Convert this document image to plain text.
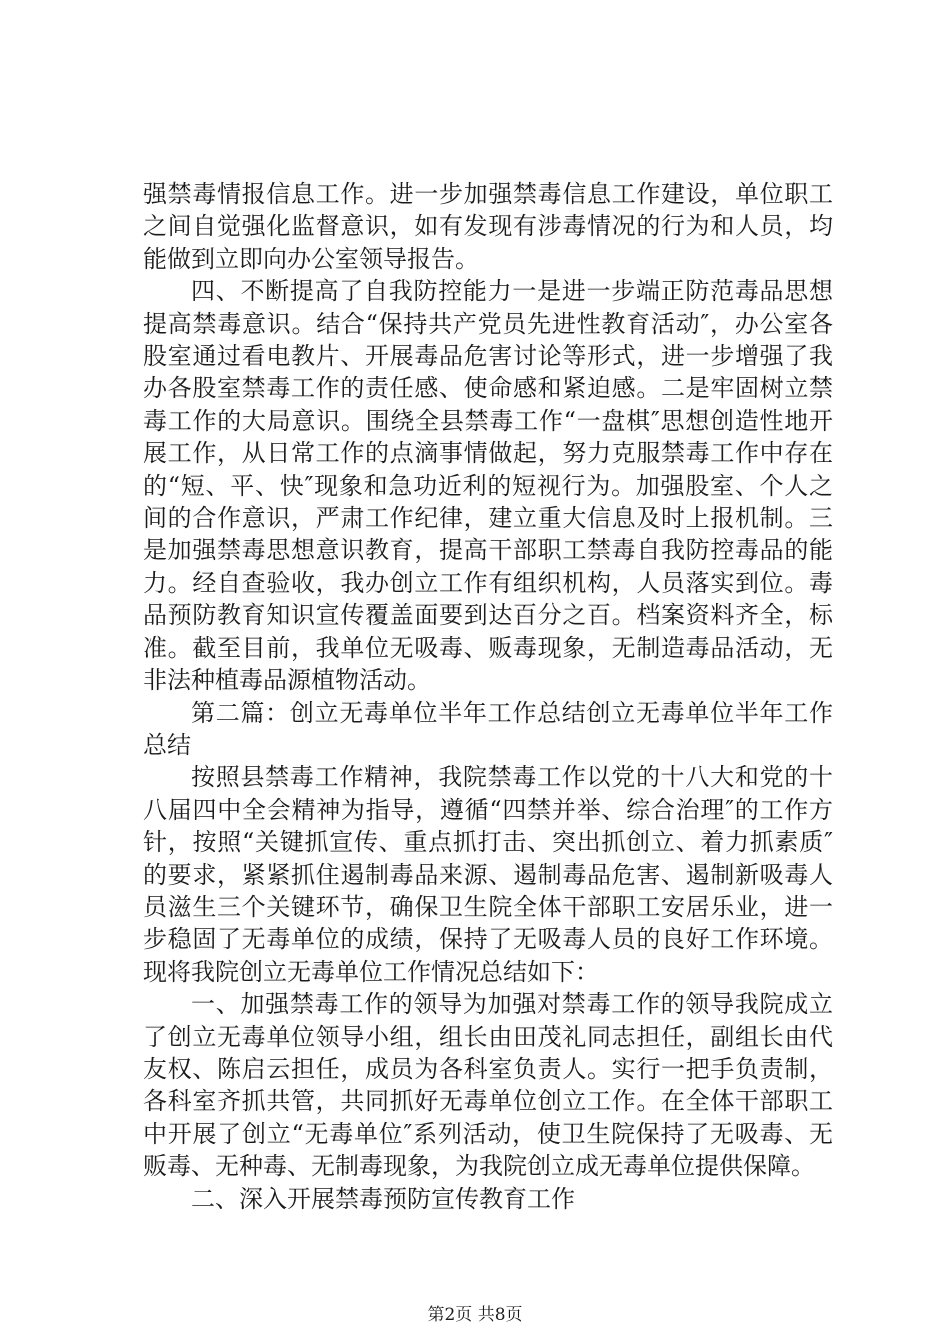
强禁毒情报信息工作。进一步加强禁毒信息工作建设，单位职工之间自觉强化监督意识，如有发现有涉毒情况的行为和人员，均能做到立即向办公室领导报告。

四、不断提高了自我防控能力一是进一步端正防范毒品思想提高禁毒意识。结合“保持共产党员先进性教育活动″，办公室各股室通过看电教片、开展毒品危害讨论等形式，进一步增强了我办各股室禁毒工作的责任感、使命感和紧迫感。二是牢固树立禁毒工作的大局意识。围绕全县禁毒工作“一盘棋″思想创造性地开展工作，从日常工作的点滴事情做起，努力克服禁毒工作中存在的“短、平、快″现象和急功近利的短视行为。加强股室、个人之间的合作意识，严肃工作纪律，建立重大信息及时上报机制。三是加强禁毒思想意识教育，提高干部职工禁毒自我防控毒品的能力。经自查验收，我办创立工作有组织机构，人员落实到位。毒品预防教育知识宣传覆盖面要到达百分之百。档案资料齐全，标准。截至目前，我单位无吸毒、贩毒现象，无制造毒品活动，无非法种植毒品源植物活动。

第二篇：创立无毒单位半年工作总结创立无毒单位半年工作总结

按照县禁毒工作精神，我院禁毒工作以党的十八大和党的十八届四中全会精神为指导，遵循“四禁并举、综合治理″的工作方针，按照“关键抓宣传、重点抓打击、突出抓创立、着力抓素质″的要求，紧紧抓住遏制毒品来源、遏制毒品危害、遏制新吸毒人员滋生三个关键环节，确保卫生院全体干部职工安居乐业，进一步稳固了无毒单位的成绩，保持了无吸毒人员的良好工作环境。现将我院创立无毒单位工作情况总结如下：

一、加强禁毒工作的领导为加强对禁毒工作的领导我院成立了创立无毒单位领导小组，组长由田茂礼同志担任，副组长由代友权、陈启云担任，成员为各科室负责人。实行一把手负责制，各科室齐抓共管，共同抓好无毒单位创立工作。在全体干部职工中开展了创立“无毒单位″系列活动，使卫生院保持了无吸毒、无贩毒、无种毒、无制毒现象，为我院创立成无毒单位提供保障。

二、深入开展禁毒预防宣传教育工作

第2页 共8页
